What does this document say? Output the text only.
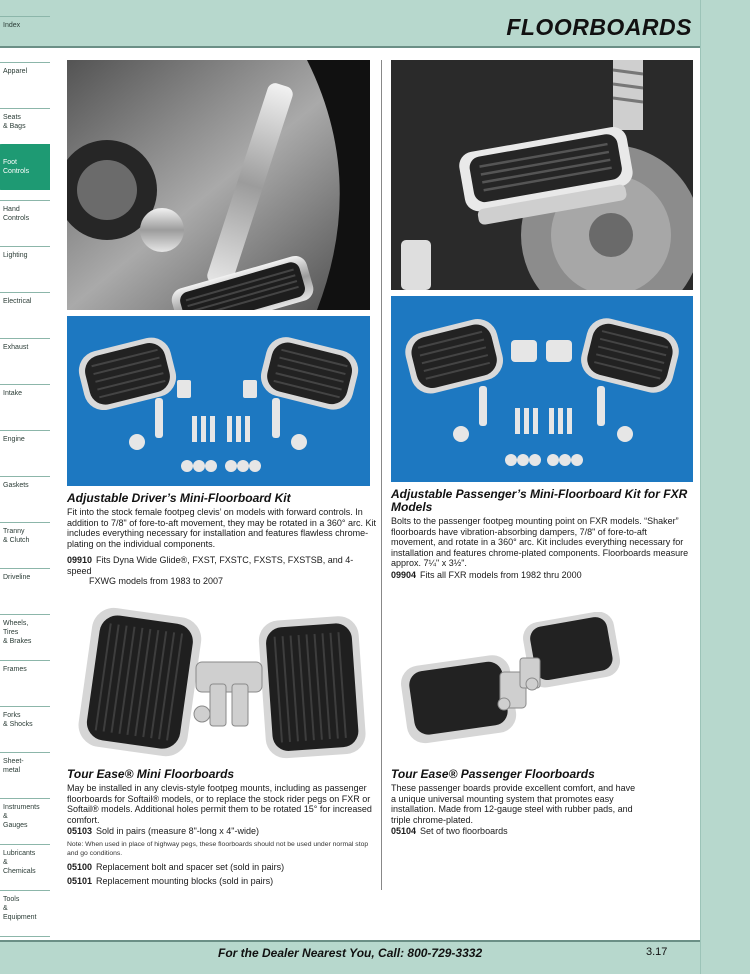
FLOORBOARDS
Index
Apparel
Seats
& Bags
Foot
Controls
Hand
Controls
Lighting
Electrical
Exhaust
Intake
Engine
Gaskets
Tranny
& Clutch
Driveline
Wheels,
Tires
& Brakes
Frames
Forks
& Shocks
Sheet-
metal
Instruments
&
Gauges
Lubricants
&
Chemicals
Tools
&
Equipment
Adjustable Driver’s Mini-Floorboard Kit
Fit into the stock female footpeg clevis’ on models with forward controls. In addition to 7/8" of fore-to-aft movement, they may be rotated in a 360° arc. Kit includes everything necessary for installation and features flawless chrome-plating on the individual components.
09910 Fits Dyna Wide Glide®, FXST, FXSTC, FXSTS, FXSTSB, and 4-speed
FXWG models from 1983 to 2007
Adjustable Passenger’s Mini-Floorboard Kit for FXR Models
Bolts to the passenger footpeg mounting point on FXR models. “Shaker” floorboards have vibration-absorbing dampers, 7/8" of fore-to-aft movement, and rotate in a 360° arc. Kit includes everything necessary for installation and features chrome-plated components. Floorboards measure approx. 7¼" x 3½".
09904 Fits all FXR models from 1982 thru 2000
Tour Ease® Mini Floorboards
May be installed in any clevis-style footpeg mounts, including as passenger floorboards for Softail® models, or to replace the stock rider pegs on FXR or Softail® models. Additional holes permit them to be rotated 15° for increased comfort.
05103 Sold in pairs (measure 8"-long x 4"-wide)
Note: When used in place of highway pegs, these floorboards should not be used under normal stop and go conditions.
05100 Replacement bolt and spacer set (sold in pairs)
05101 Replacement mounting blocks (sold in pairs)
Tour Ease® Passenger Floorboards
These passenger boards provide excellent comfort, and have a unique universal mounting system that promotes easy installation. Made from 12-gauge steel with rubber pads, and triple chrome-plated.
05104 Set of two floorboards
For the Dealer Nearest You, Call: 800-729-3332	3.17
